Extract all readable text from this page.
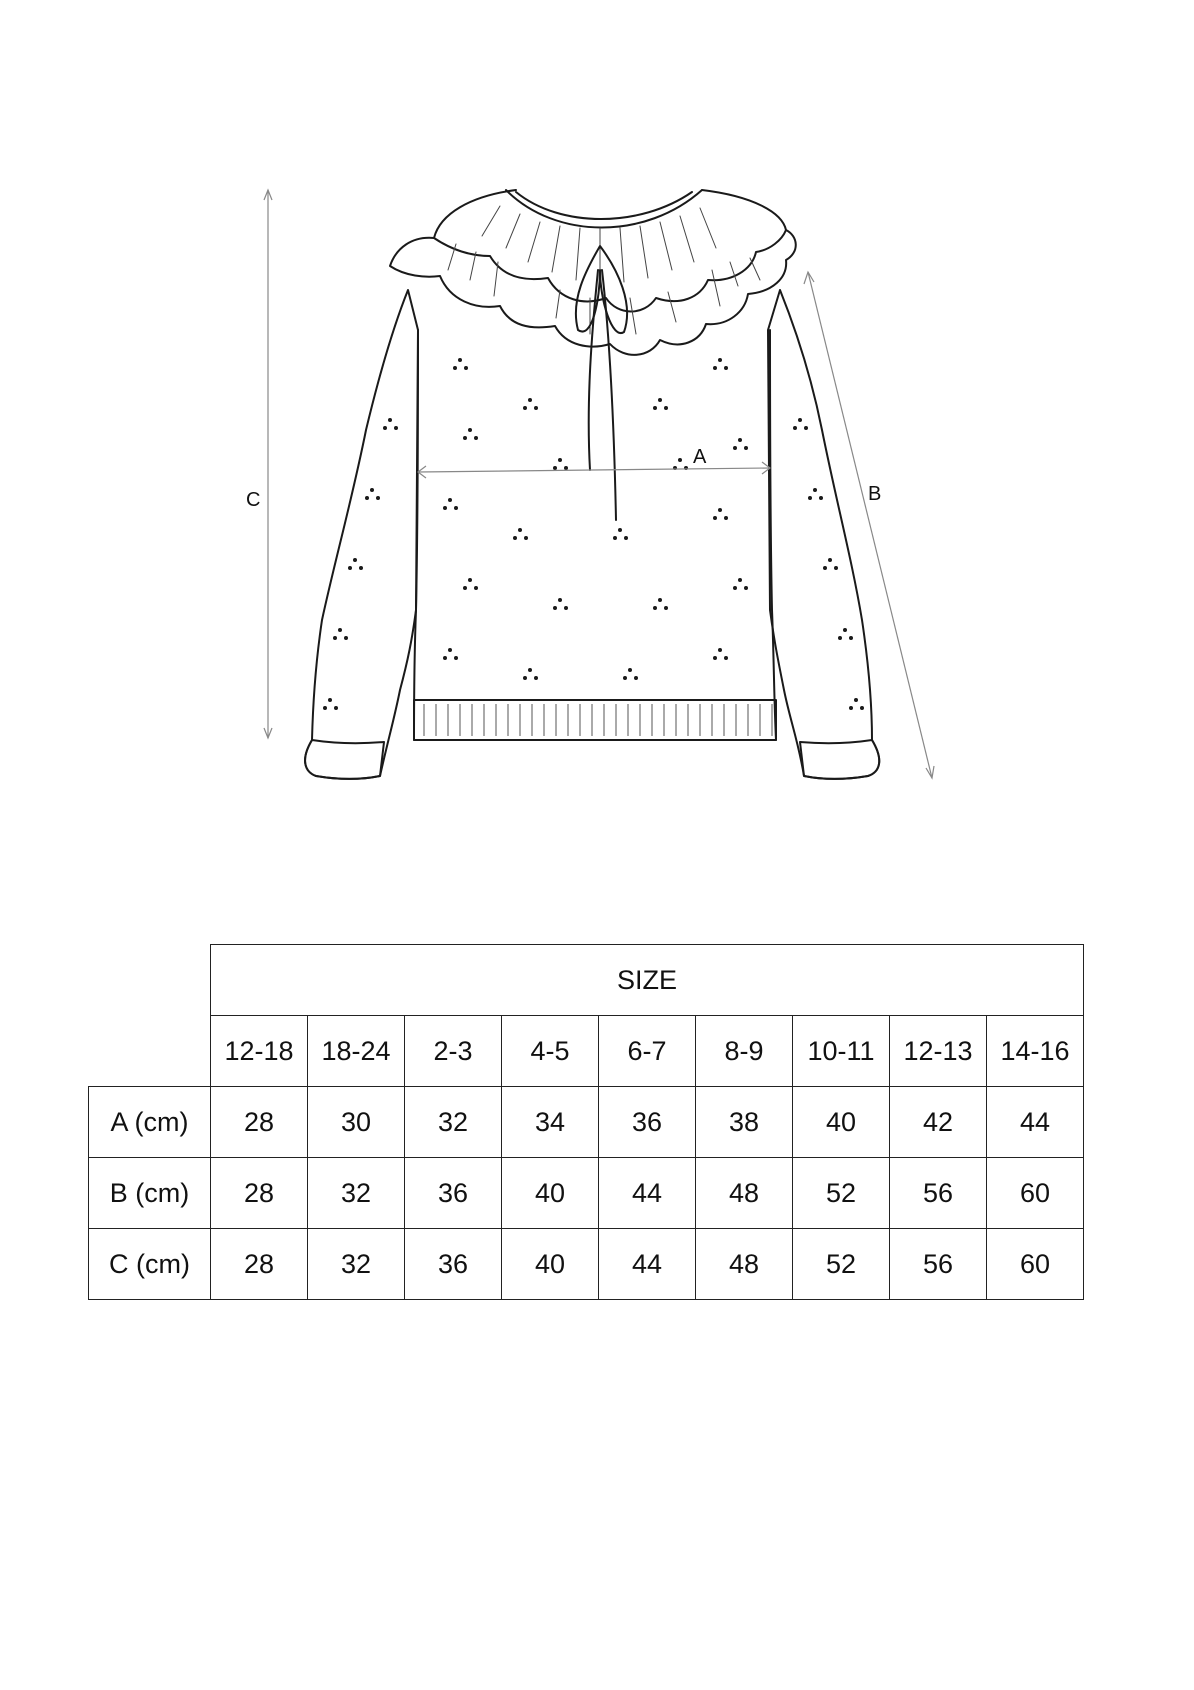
A
B
C
	SIZE								
	12-18	18-24	2-3	4-5	6-7	8-9	10-11	12-13	14-16
A (cm)	28	30	32	34	36	38	40	42	44
B (cm)	28	32	36	40	44	48	52	56	60
C (cm)	28	32	36	40	44	48	52	56	60
